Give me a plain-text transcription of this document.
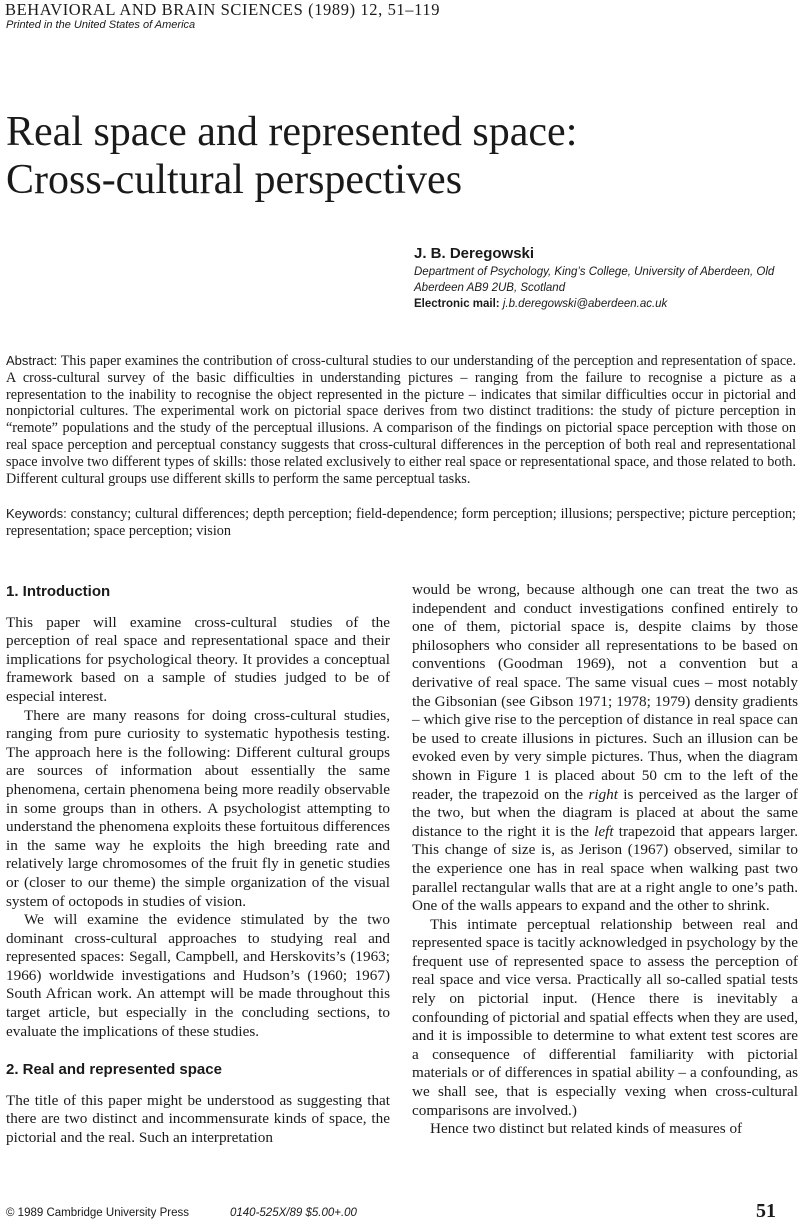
BEHAVIORAL AND BRAIN SCIENCES (1989) 12, 51–119
Printed in the United States of America
Real space and represented space:
Cross-cultural perspectives
J. B. Deregowski
Department of Psychology, King’s College, University of Aberdeen, Old Aberdeen AB9 2UB, Scotland
Electronic mail: j.b.deregowski@aberdeen.ac.uk

Abstract: This paper examines the contribution of cross-cultural studies to our understanding of the perception and representation of space. A cross-cultural survey of the basic difficulties in understanding pictures – ranging from the failure to recognise a picture as a representation to the inability to recognise the object represented in the picture – indicates that similar difficulties occur in pictorial and nonpictorial cultures. The experimental work on pictorial space derives from two distinct traditions: the study of picture perception in “remote” populations and the study of the perceptual illusions. A comparison of the findings on pictorial space perception with those on real space perception and perceptual constancy suggests that cross-cultural differences in the perception of both real and representational space involve two different types of skills: those related exclusively to either real space or representational space, and those related to both. Different cultural groups use different skills to perform the same perceptual tasks.

Keywords: constancy; cultural differences; depth perception; field-dependence; form perception; illusions; perspective; picture perception; representation; space perception; vision

1. Introduction

This paper will examine cross-cultural studies of the perception of real space and representational space and their implications for psychological theory. It provides a conceptual framework based on a sample of studies judged to be of especial interest.

There are many reasons for doing cross-cultural studies, ranging from pure curiosity to systematic hypothesis testing. The approach here is the following: Different cultural groups are sources of information about essentially the same phenomena, certain phenomena being more readily observable in some groups than in others. A psychologist attempting to understand the phenomena exploits these fortuitous differences in the same way he exploits the high breeding rate and relatively large chromosomes of the fruit fly in genetic studies or (closer to our theme) the simple organization of the visual system of octopods in studies of vision.

We will examine the evidence stimulated by the two dominant cross-cultural approaches to studying real and represented spaces: Segall, Campbell, and Herskovits’s (1963; 1966) worldwide investigations and Hudson’s (1960; 1967) South African work. An attempt will be made throughout this target article, but especially in the concluding sections, to evaluate the implications of these studies.

2. Real and represented space

The title of this paper might be understood as suggesting that there are two distinct and incommensurate kinds of space, the pictorial and the real. Such an interpretation

would be wrong, because although one can treat the two as independent and conduct investigations confined entirely to one of them, pictorial space is, despite claims by those philosophers who consider all representations to be based on conventions (Goodman 1969), not a convention but a derivative of real space. The same visual cues – most notably the Gibsonian (see Gibson 1971; 1978; 1979) density gradients – which give rise to the perception of distance in real space can be used to create illusions in pictures. Such an illusion can be evoked even by very simple pictures. Thus, when the diagram shown in Figure 1 is placed about 50 cm to the left of the reader, the trapezoid on the right is perceived as the larger of the two, but when the diagram is placed at about the same distance to the right it is the left trapezoid that appears larger. This change of size is, as Jerison (1967) observed, similar to the experience one has in real space when walking past two parallel rectangular walls that are at a right angle to one’s path. One of the walls appears to expand and the other to shrink.

This intimate perceptual relationship between real and represented space is tacitly acknowledged in psychology by the frequent use of represented space to assess the perception of real space and vice versa. Practically all so-called spatial tests rely on pictorial input. (Hence there is inevitably a confounding of pictorial and spatial effects when they are used, and it is impossible to determine to what extent test scores are a consequence of differential familiarity with pictorial materials or of differences in spatial ability – a confounding, as we shall see, that is especially vexing when cross-cultural comparisons are involved.)

Hence two distinct but related kinds of measures of

© 1989 Cambridge University Press	0140-525X/89 $5.00+.00	51
